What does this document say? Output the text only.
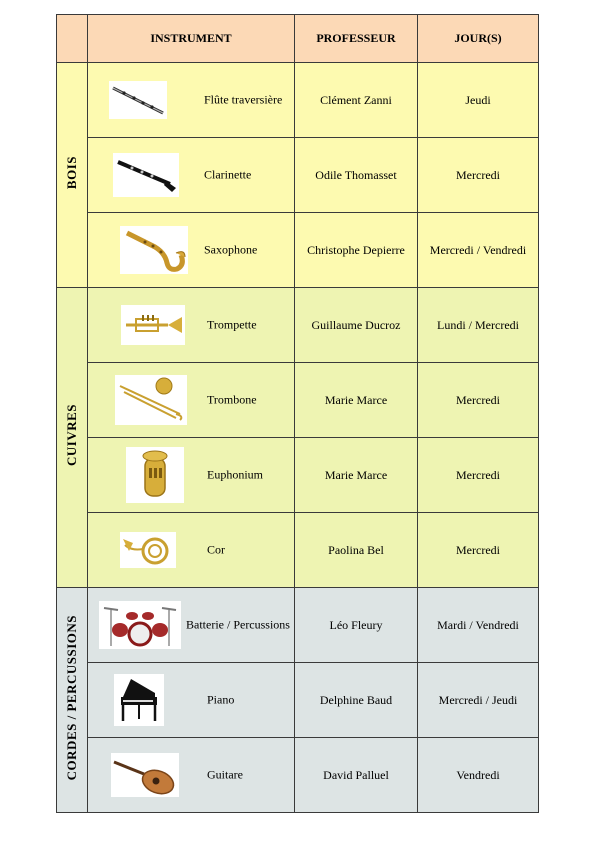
	INSTRUMENT	PROFESSEUR	JOUR(S)
BOIS	Flûte traversière	Clément Zanni	Jeudi

	Clarinette	Odile Thomasset	Mercredi

	Saxophone	Christophe Depierre	Mercredi / Vendredi
CUIVRES	Trompette	Guillaume Ducroz	Lundi / Mercredi

	Trombone	Marie Marce	Mercredi

	Euphonium	Marie Marce	Mercredi

	Cor	Paolina Bel	Mercredi
CORDES / PERCUSSIONS	Batterie / Percussions	Léo Fleury	Mardi / Vendredi

	Piano	Delphine Baud	Mercredi / Jeudi

	Guitare	David Palluel	Vendredi
